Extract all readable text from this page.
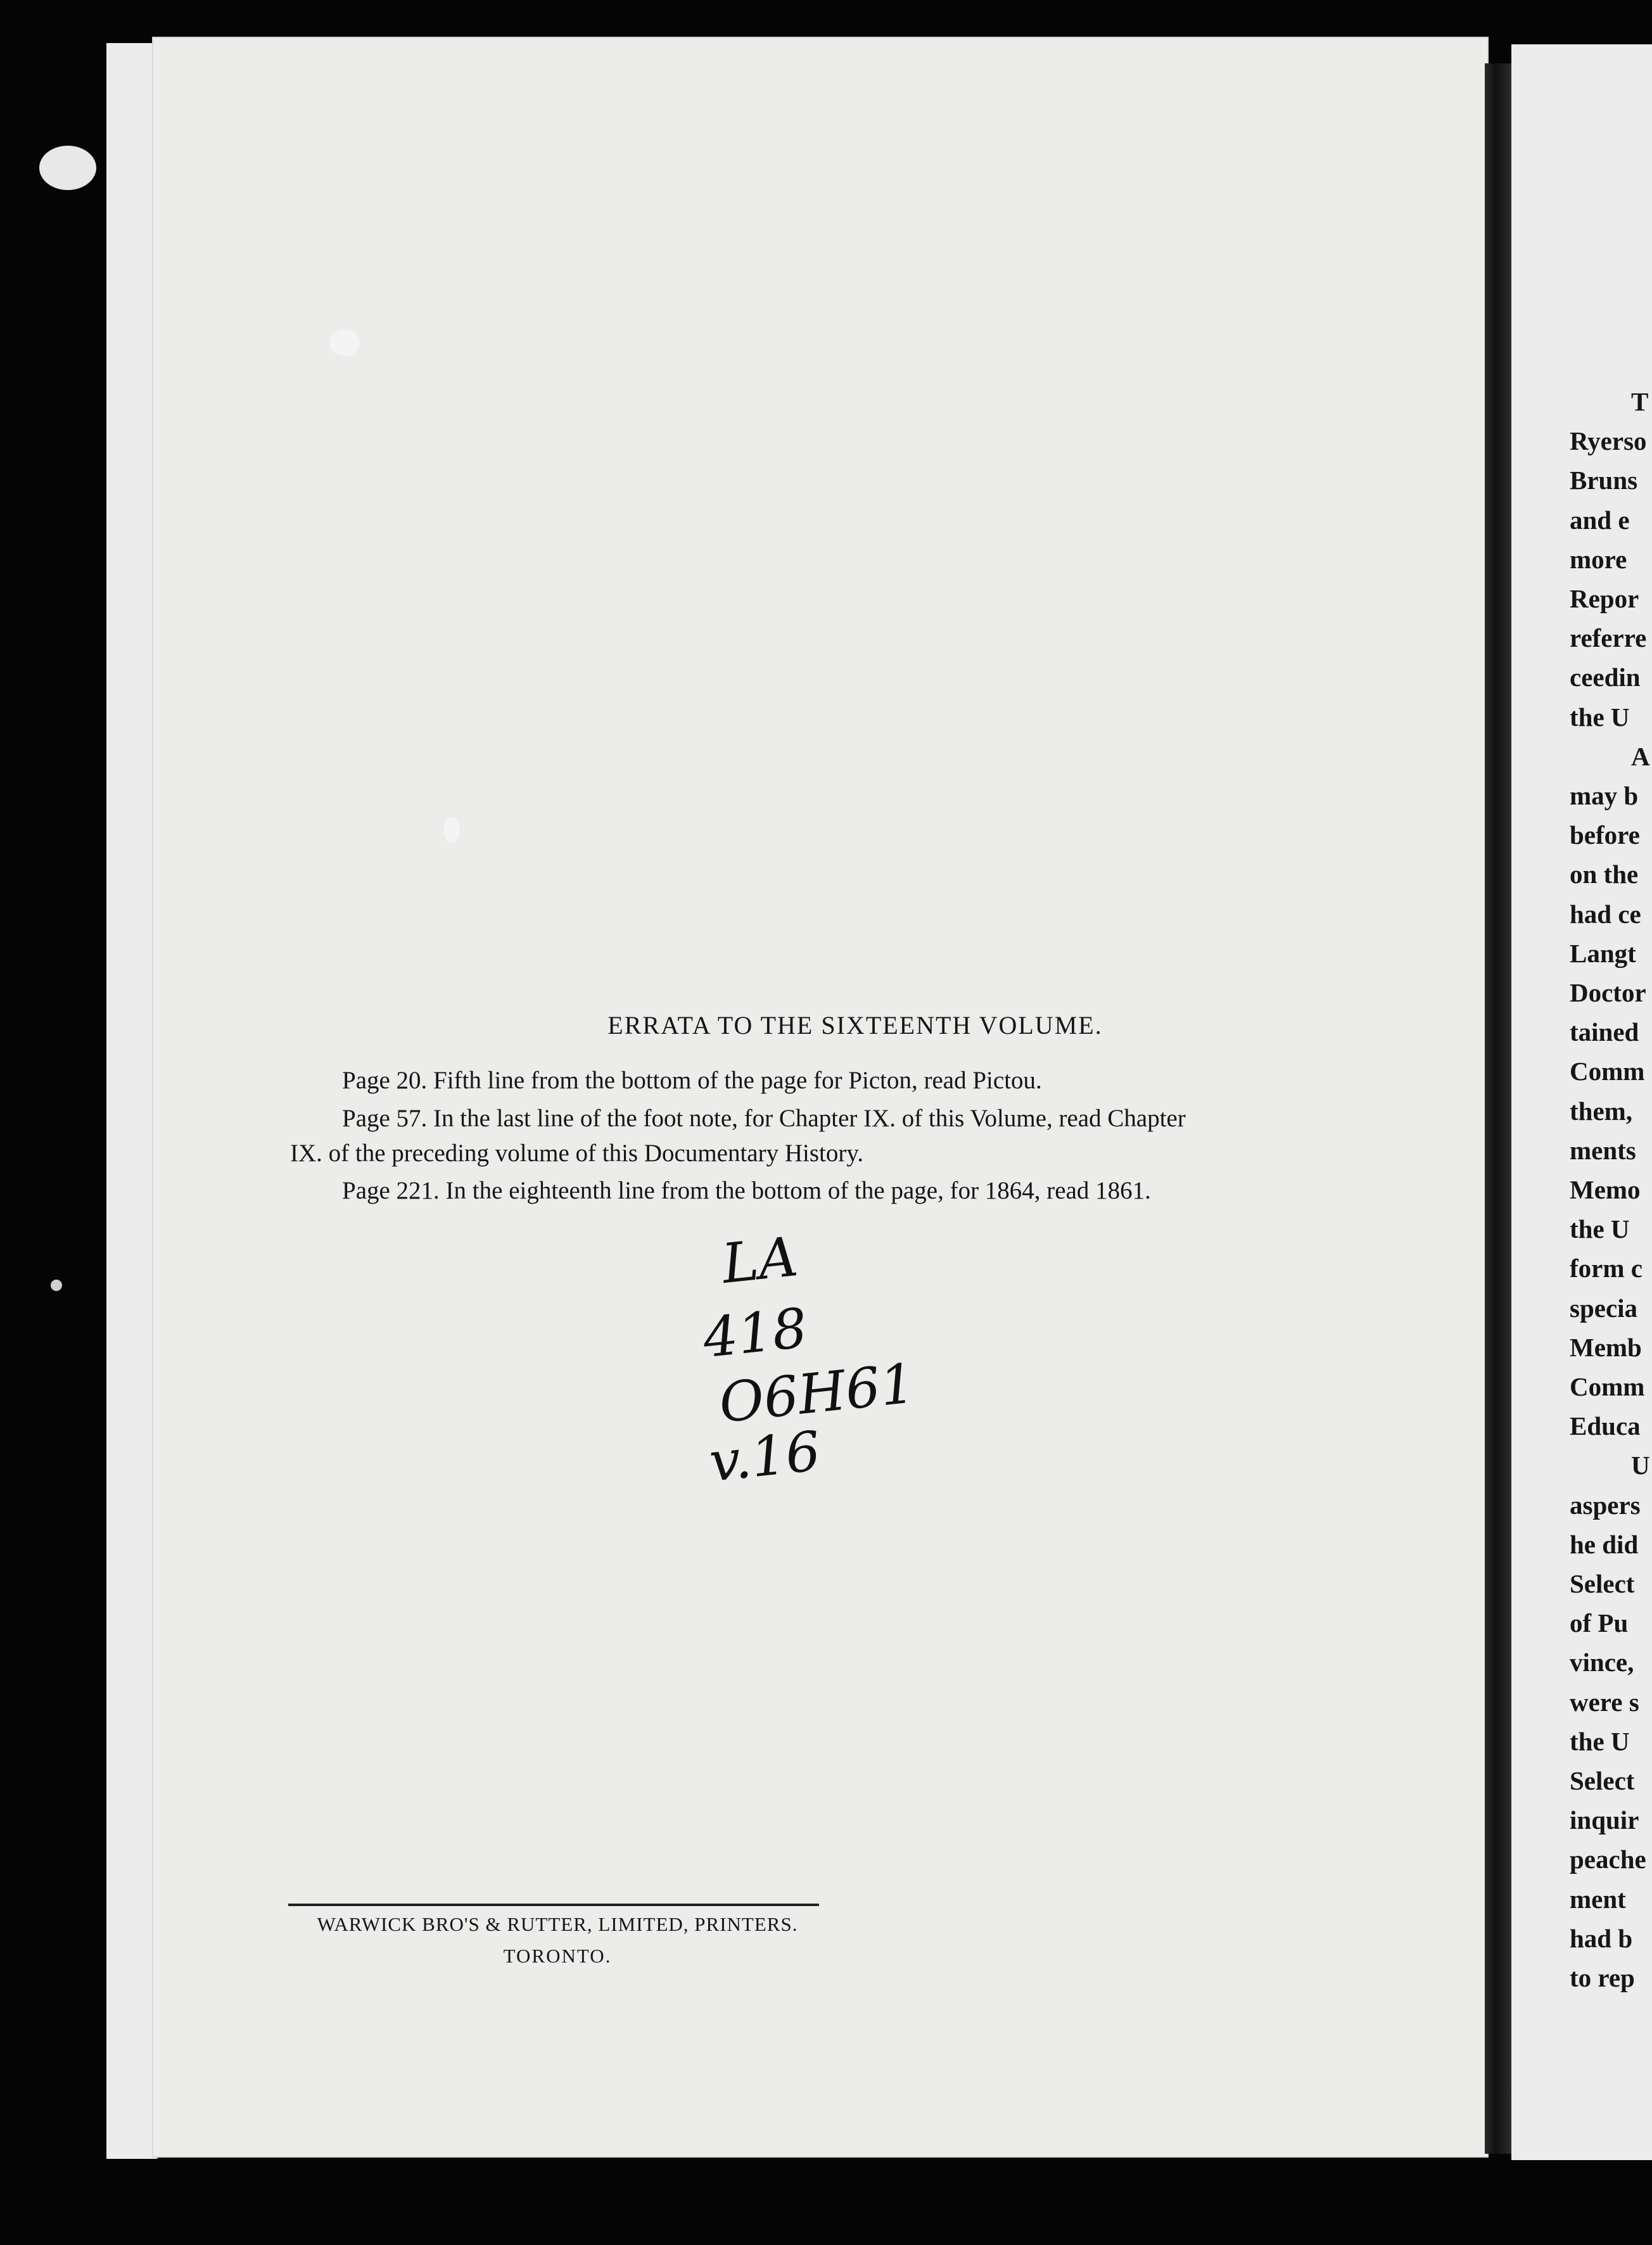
ERRATA TO THE SIXTEENTH VOLUME.
Page 20. Fifth line from the bottom of the page for Picton, read Pictou.
Page 57. In the last line of the foot note, for Chapter IX. of this Volume, read Chapter
IX. of the preceding volume of this Documentary History.
Page 221. In the eighteenth line from the bottom of the page, for 1864, read 1861.
LA
418
O6H61
v.16
WARWICK BRO'S & RUTTER, LIMITED, PRINTERS.
TORONTO.
T
Ryerso
Bruns
and e
more
Repor
referre
ceedin
the U
A
may b
before
on the
had ce
Langt
Doctor
tained
Comm
them,
ments
Memo
the U
form c
specia
Memb
Comm
Educa
U
aspers
he did
Select
of Pu
vince,
were s
the U
Select
inquir
peache
ment
had b
to rep
